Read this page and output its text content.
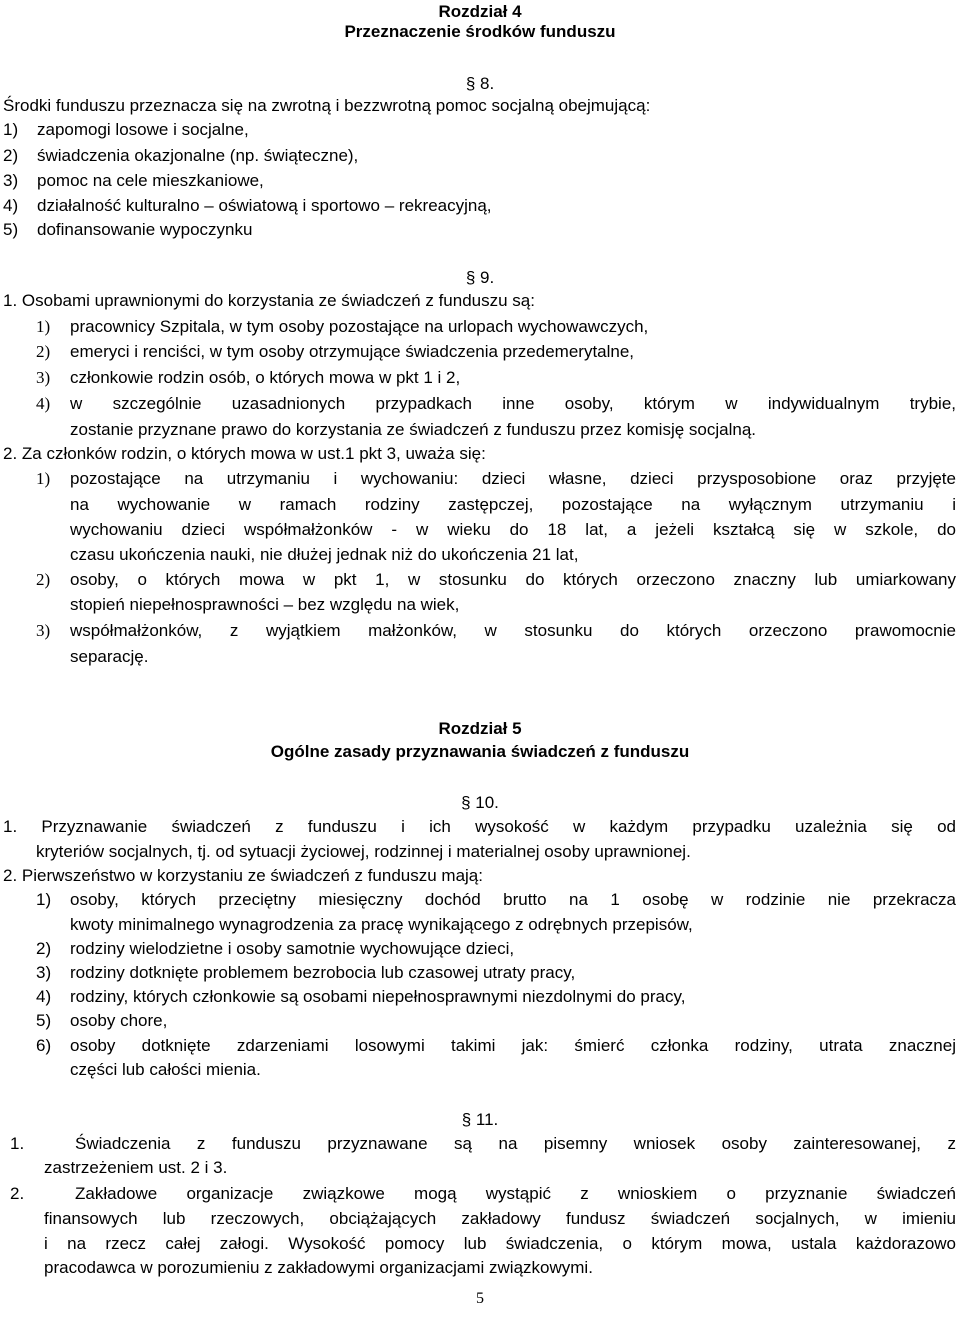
Rozdział 4
Przeznaczenie środków funduszu
§ 8.
Środki funduszu przeznacza się na zwrotną i bezzwrotną pomoc socjalną obejmującą:
1) zapomogi losowe i socjalne,
2) świadczenia okazjonalne (np. świąteczne),
3) pomoc na cele mieszkaniowe,
4) działalność kulturalno – oświatową i sportowo – rekreacyjną,
5) dofinansowanie wypoczynku
§ 9.
1. Osobami uprawnionymi do korzystania ze świadczeń z funduszu są:
1) pracownicy Szpitala, w tym osoby pozostające na urlopach wychowawczych,
2) emeryci i renciści, w tym osoby otrzymujące świadczenia przedemerytalne,
3) członkowie rodzin osób, o których mowa w pkt 1 i 2,
4)	w szczególnie uzasadnionych przypadkach inne osoby, którym w indywidualnym trybie,
zostanie przyznane prawo do korzystania ze świadczeń z funduszu przez komisję socjalną.
2. Za członków rodzin, o których mowa w ust.1 pkt 3, uważa się:
1) pozostające na utrzymaniu i wychowaniu: dzieci własne, dzieci przysposobione oraz przyjęte
na wychowanie w ramach rodziny zastępczej, pozostające na wyłącznym utrzymaniu i
wychowaniu dzieci współmałżonków - w wieku do 18 lat, a jeżeli kształcą się w szkole, do
czasu ukończenia nauki, nie dłużej jednak niż do ukończenia 21 lat,
2) osoby, o których mowa w pkt 1, w stosunku do których orzeczono znaczny lub umiarkowany
stopień niepełnosprawności – bez względu na wiek,
3) współmałżonków, z wyjątkiem małżonków, w stosunku do których orzeczono prawomocnie
separację.
Rozdział 5
Ogólne zasady przyznawania świadczeń z funduszu
§ 10.
1. Przyznawanie świadczeń z funduszu i ich wysokość w każdym przypadku uzależnia się od
kryteriów socjalnych, tj. od sytuacji życiowej, rodzinnej i materialnej osoby uprawnionej.
2. Pierwszeństwo w korzystaniu ze świadczeń z funduszu mają:
1) osoby, których przeciętny miesięczny dochód brutto na 1 osobę w rodzinie nie przekracza
kwoty minimalnego wynagrodzenia za pracę wynikającego z odrębnych przepisów,
2) rodziny wielodzietne i osoby samotnie wychowujące dzieci,
3) rodziny dotknięte problemem bezrobocia lub czasowej utraty pracy,
4) rodziny, których członkowie są osobami niepełnosprawnymi niezdolnymi do pracy,
5) osoby chore,
6) osoby dotknięte zdarzeniami losowymi takimi jak: śmierć członka rodziny, utrata znacznej
części lub całości mienia.
§ 11.
1.	Świadczenia z funduszu przyznawane są na pisemny wniosek osoby zainteresowanej, z
zastrzeżeniem ust. 2 i 3.
2.	Zakładowe organizacje związkowe mogą wystąpić z wnioskiem o przyznanie świadczeń
finansowych lub rzeczowych, obciążających zakładowy fundusz świadczeń socjalnych, w imieniu
i na rzecz całej załogi. Wysokość pomocy lub świadczenia, o którym mowa, ustala każdorazowo
pracodawca w porozumieniu z zakładowymi organizacjami związkowymi.
5
